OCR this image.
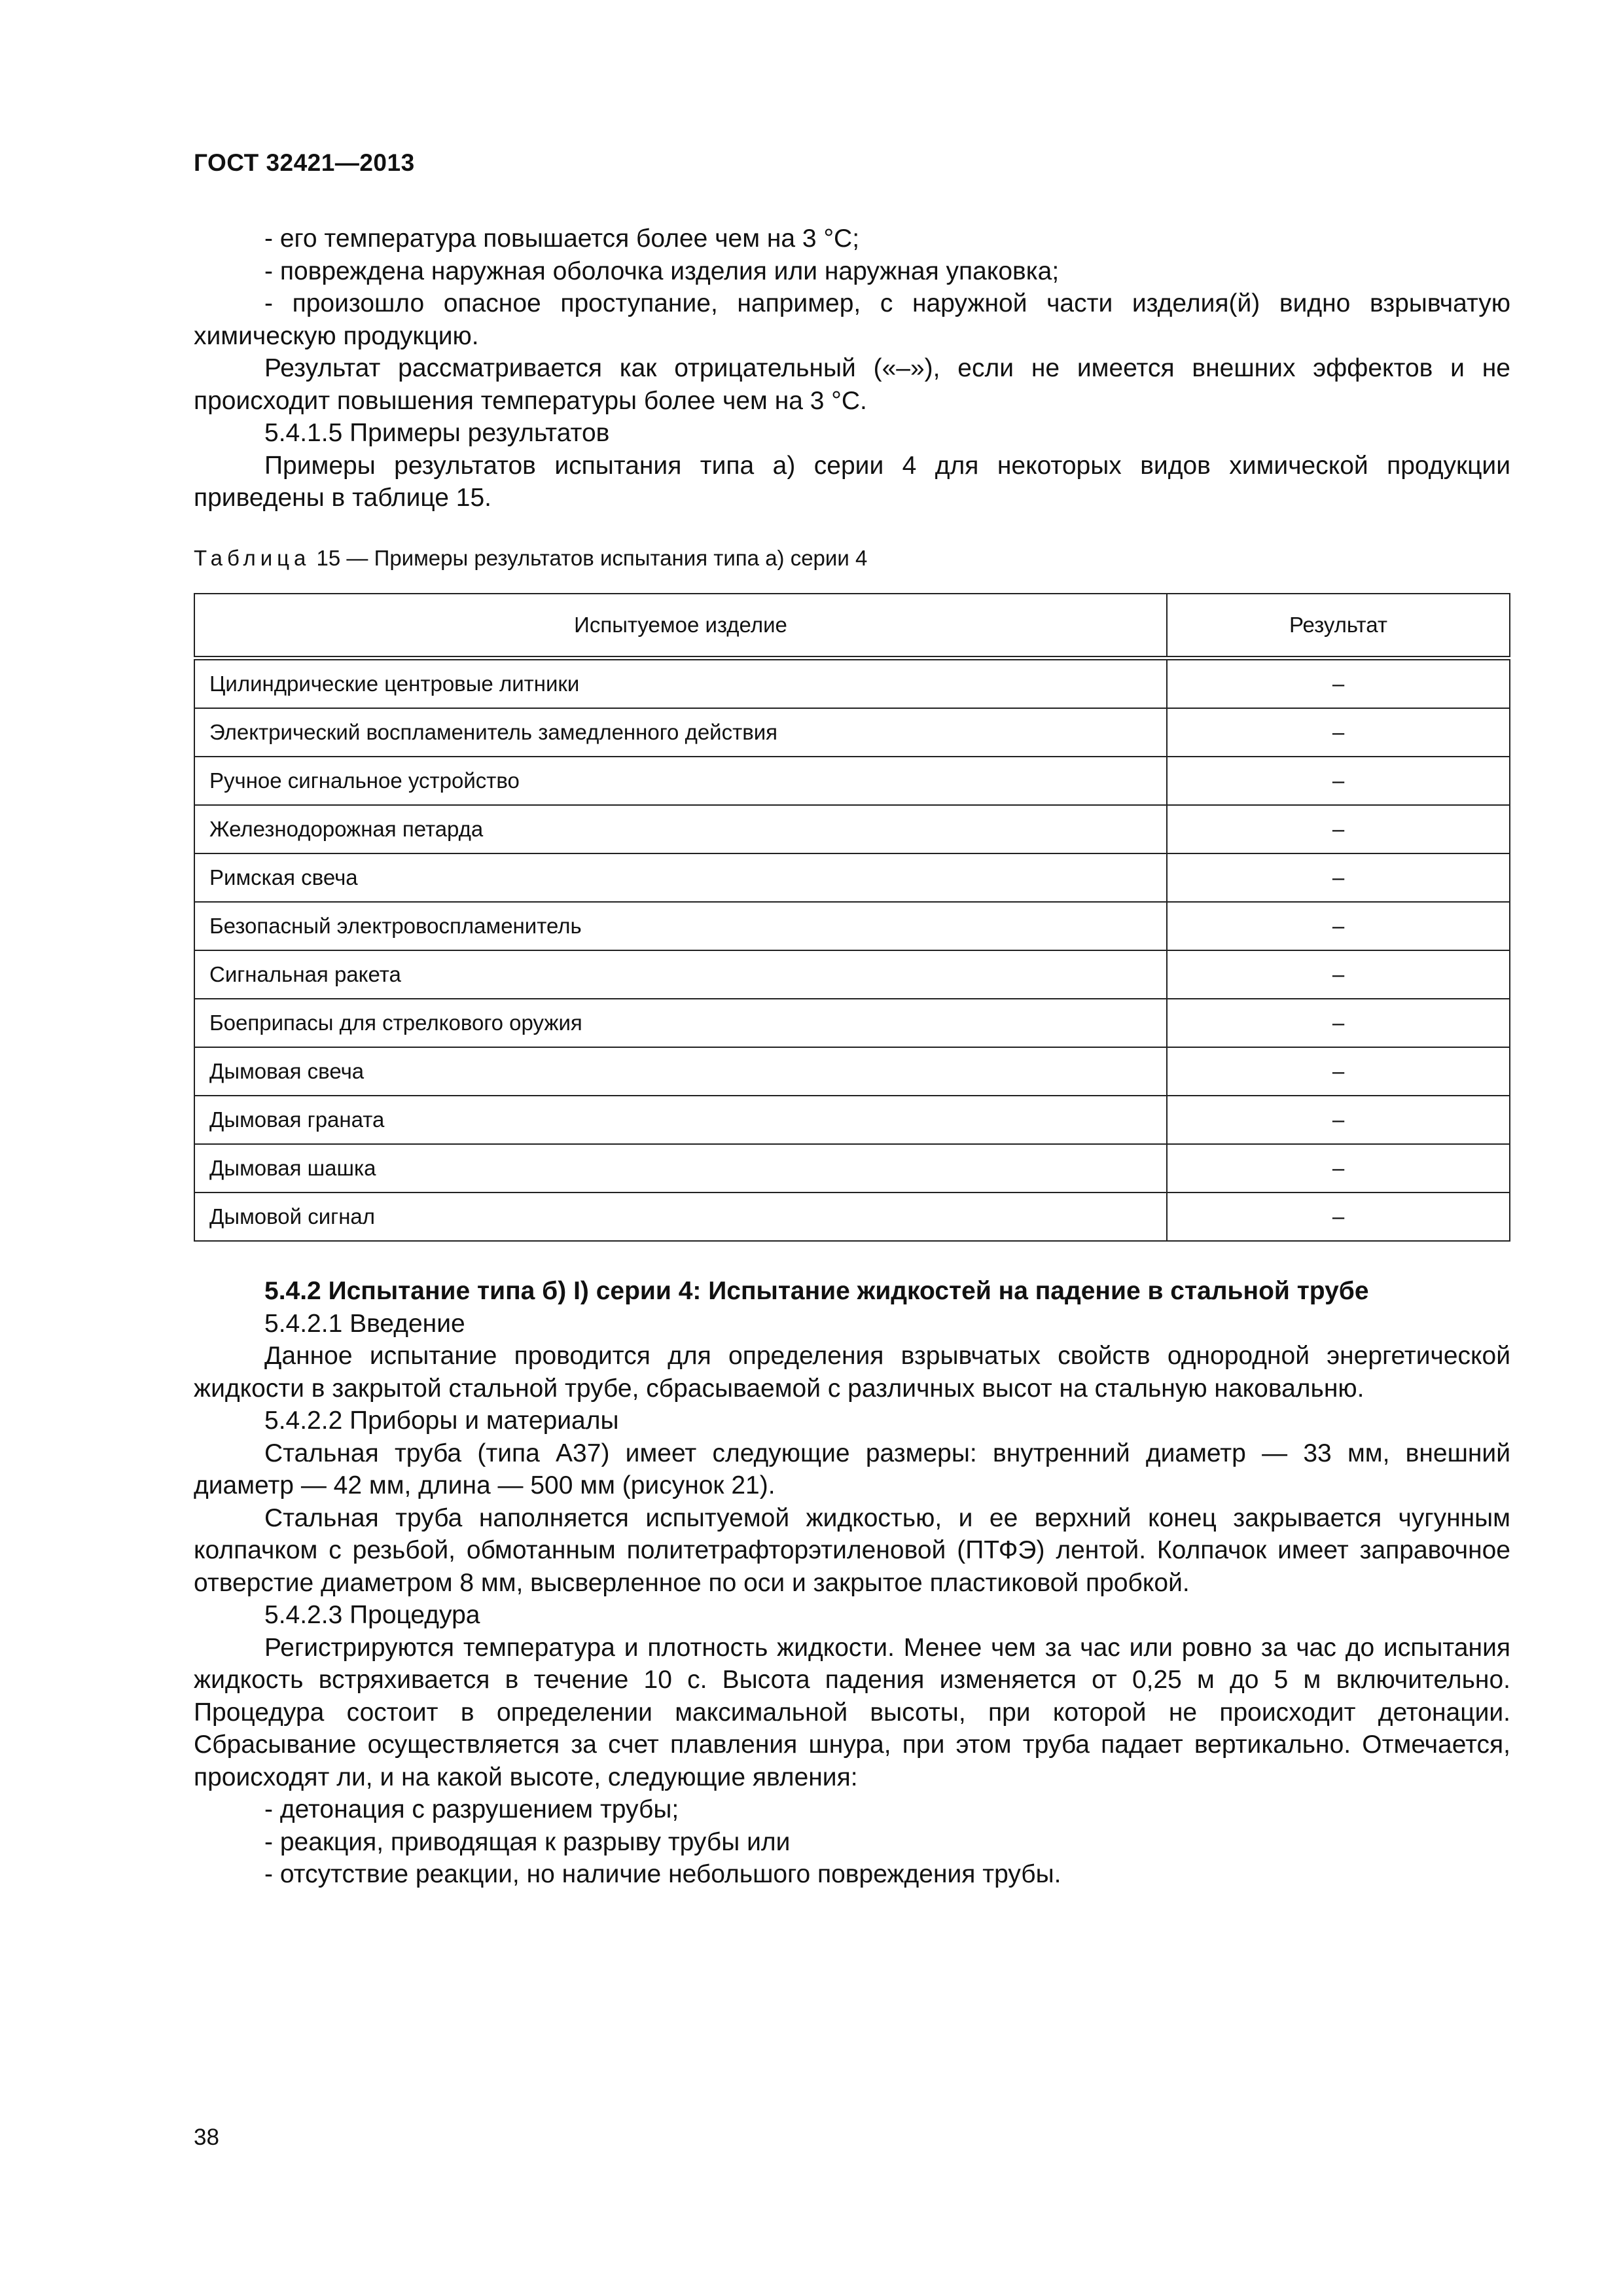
ГОСТ 32421—2013

- его температура повышается более чем на 3 °С;

- повреждена наружная оболочка изделия или наружная упаковка;

- произошло опасное проступание, например, с наружной части изделия(й) видно взрывчатую химическую продукцию.

Результат рассматривается как отрицательный («–»), если не имеется внешних эффектов и не происходит повышения температуры более чем на 3 °С.

5.4.1.5 Примеры результатов

Примеры результатов испытания типа а) серии 4 для некоторых видов химической продукции приведены в таблице 15.

Таблица 15 — Примеры результатов испытания типа а) серии 4
Испытуемое изделие	Результат
Цилиндрические центровые литники	–
Электрический воспламенитель замедленного действия	–
Ручное сигнальное устройство	–
Железнодорожная петарда	–
Римская свеча	–
Безопасный электровоспламенитель	–
Сигнальная ракета	–
Боеприпасы для стрелкового оружия	–
Дымовая свеча	–
Дымовая граната	–
Дымовая шашка	–
Дымовой сигнал	–

5.4.2 Испытание типа б) I) серии 4: Испытание жидкостей на падение в стальной трубе

5.4.2.1 Введение

Данное испытание проводится для определения взрывчатых свойств однородной энергетической жидкости в закрытой стальной трубе, сбрасываемой с различных высот на стальную наковальню.

5.4.2.2 Приборы и материалы

Стальная труба (типа А37) имеет следующие размеры: внутренний диаметр — 33 мм, внешний диаметр — 42 мм, длина — 500 мм (рисунок 21).

Стальная труба наполняется испытуемой жидкостью, и ее верхний конец закрывается чугунным колпачком с резьбой, обмотанным политетрафторэтиленовой (ПТФЭ) лентой. Колпачок имеет заправочное отверстие диаметром 8 мм, высверленное по оси и закрытое пластиковой пробкой.

5.4.2.3 Процедура

Регистрируются температура и плотность жидкости. Менее чем за час или ровно за час до испытания жидкость встряхивается в течение 10 с. Высота падения изменяется от 0,25 м до 5 м включительно. Процедура состоит в определении максимальной высоты, при которой не происходит детонации. Сбрасывание осуществляется за счет плавления шнура, при этом труба падает вертикально. Отмечается, происходят ли, и на какой высоте, следующие явления:

- детонация с разрушением трубы;

- реакция, приводящая к разрыву трубы или

- отсутствие реакции, но наличие небольшого повреждения трубы.

38
